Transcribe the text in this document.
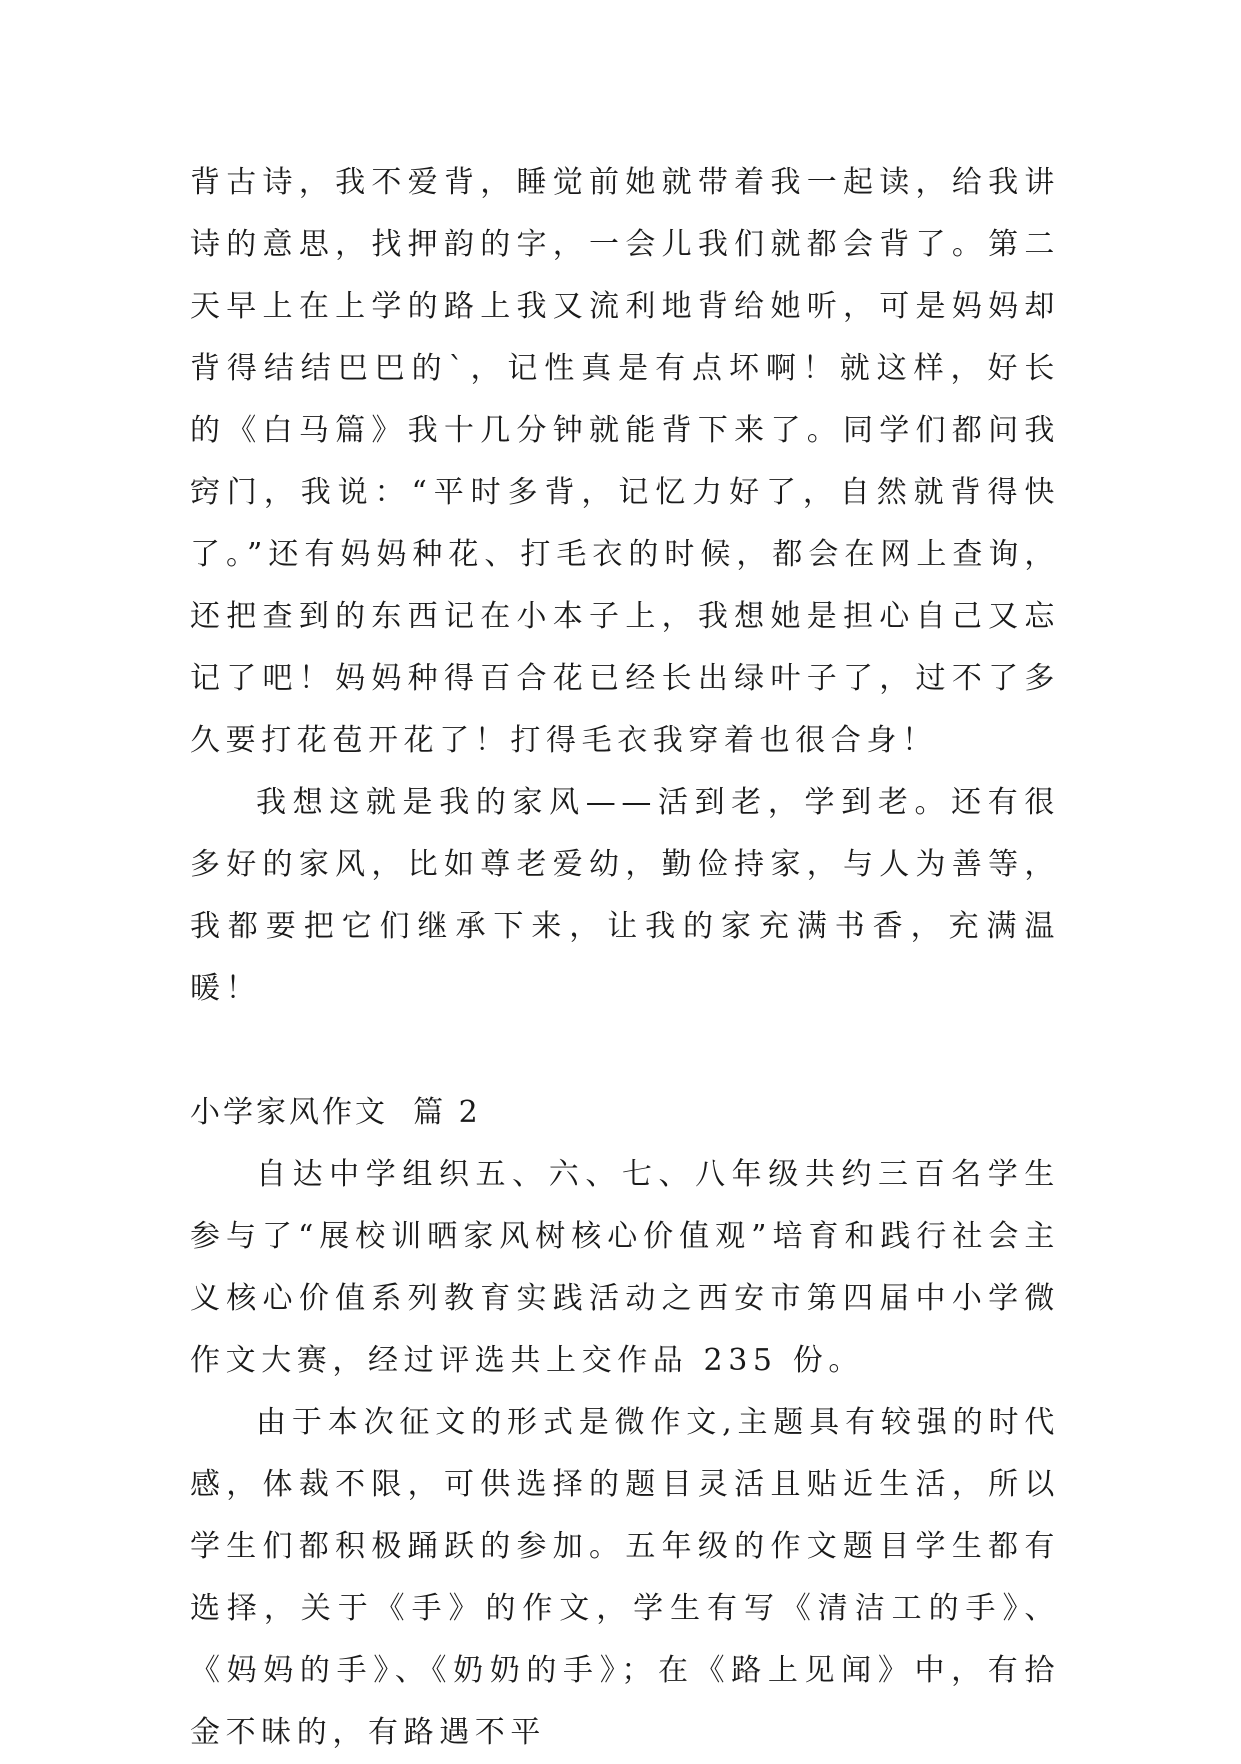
背古诗，我不爱背，睡觉前她就带着我一起读，给我讲诗的意思，找押韵的字，一会儿我们就都会背了。第二天早上在上学的路上我又流利地背给她听，可是妈妈却背得结结巴巴的`，记性真是有点坏啊！就这样，好长的《白马篇》我十几分钟就能背下来了。同学们都问我窍门，我说：“平时多背，记忆力好了，自然就背得快了。”还有妈妈种花、打毛衣的时候，都会在网上查询，还把查到的东西记在小本子上，我想她是担心自己又忘记了吧！妈妈种得百合花已经长出绿叶子了，过不了多久要打花苞开花了！打得毛衣我穿着也很合身！

我想这就是我的家风——活到老，学到老。还有很多好的家风，比如尊老爱幼，勤俭持家，与人为善等，我都要把它们继承下来，让我的家充满书香，充满温暖！

小学家风作文  篇 2

自达中学组织五、六、七、八年级共约三百名学生参与了“展校训晒家风树核心价值观”培育和践行社会主义核心价值系列教育实践活动之西安市第四届中小学微作文大赛，经过评选共上交作品 235 份。

由于本次征文的形式是微作文,主题具有较强的时代感，体裁不限，可供选择的题目灵活且贴近生活，所以学生们都积极踊跃的参加。五年级的作文题目学生都有选择，关于《手》的作文，学生有写《清洁工的手》、《妈妈的手》、《奶奶的手》；在《路上见闻》中，有拾金不昧的，有路遇不平
